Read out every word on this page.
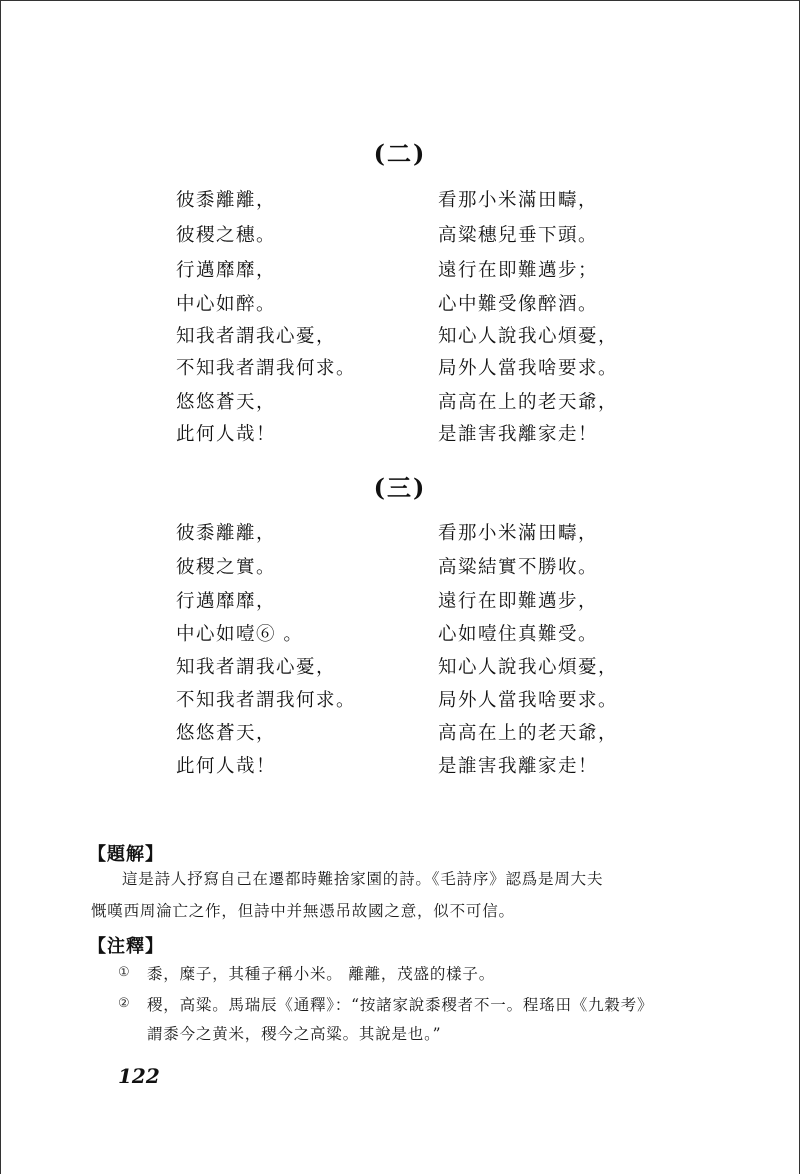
(二)
彼黍離離，
彼稷之穗。
行邁靡靡，
中心如醉。
知我者謂我心憂，
不知我者謂我何求。
悠悠蒼天，
此何人哉！
看那小米滿田疇，
高粱穗兒垂下頭。
遠行在即難邁步；
心中難受像醉酒。
知心人說我心煩憂，
局外人當我啥要求。
高高在上的老天爺，
是誰害我離家走！
(三)
彼黍離離，
彼稷之實。
行邁靡靡，
中心如噎⑥ 。
知我者謂我心憂，
不知我者謂我何求。
悠悠蒼天，
此何人哉！
看那小米滿田疇，
高粱結實不勝收。
遠行在即難邁步，
心如噎住真難受。
知心人說我心煩憂，
局外人當我啥要求。
高高在上的老天爺，
是誰害我離家走！
【題解】
這是詩人抒寫自己在遷都時難捨家園的詩。《毛詩序》認爲是周大夫
慨嘆西周淪亡之作，但詩中并無憑吊故國之意，似不可信。
【注釋】
① 黍，糜子，其種子稱小米。 離離，茂盛的樣子。
② 稷，高粱。馬瑞辰《通釋》：“按諸家說黍稷者不一。程瑤田《九穀考》
謂黍今之黄米，稷今之高粱。其說是也。”
122
